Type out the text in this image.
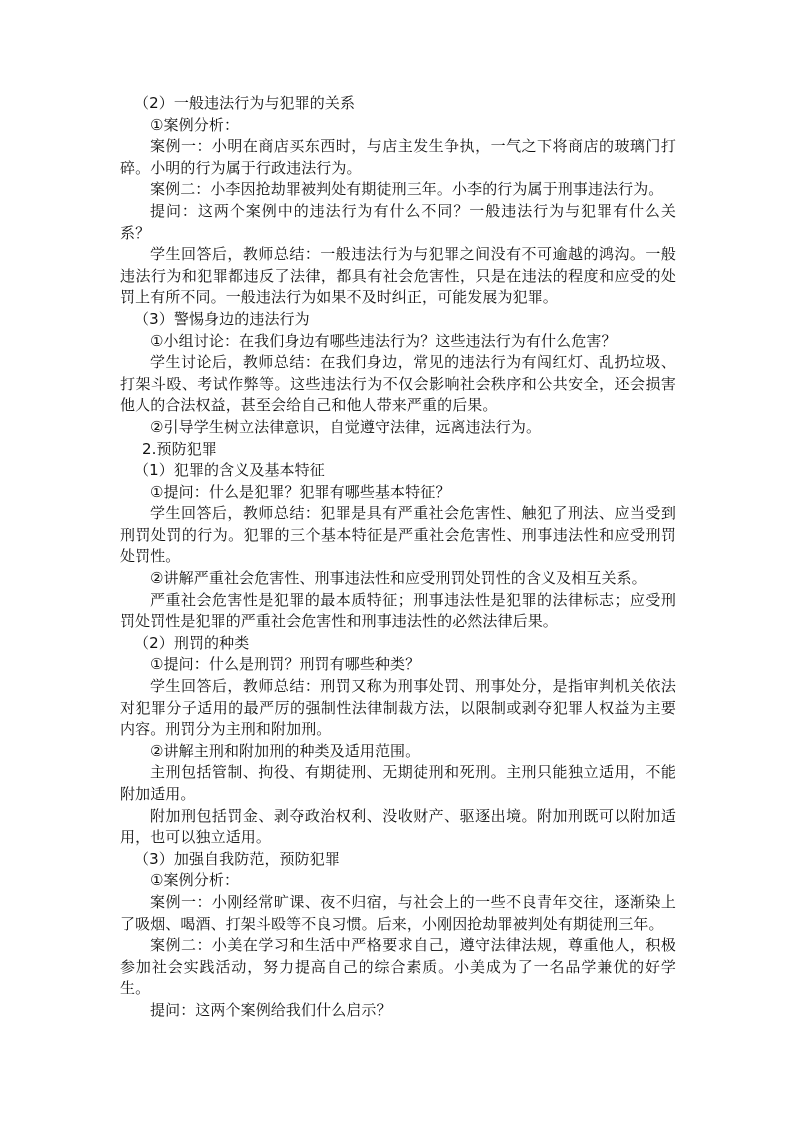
（2）一般违法行为与犯罪的关系

①案例分析：

案例一：小明在商店买东西时，与店主发生争执，一气之下将商店的玻璃门打碎。小明的行为属于行政违法行为。

案例二：小李因抢劫罪被判处有期徒刑三年。小李的行为属于刑事违法行为。

提问：这两个案例中的违法行为有什么不同？一般违法行为与犯罪有什么关系？

学生回答后，教师总结：一般违法行为与犯罪之间没有不可逾越的鸿沟。一般违法行为和犯罪都违反了法律，都具有社会危害性，只是在违法的程度和应受的处罚上有所不同。一般违法行为如果不及时纠正，可能发展为犯罪。

（3）警惕身边的违法行为

①小组讨论：在我们身边有哪些违法行为？这些违法行为有什么危害？

学生讨论后，教师总结：在我们身边，常见的违法行为有闯红灯、乱扔垃圾、打架斗殴、考试作弊等。这些违法行为不仅会影响社会秩序和公共安全，还会损害他人的合法权益，甚至会给自己和他人带来严重的后果。

②引导学生树立法律意识，自觉遵守法律，远离违法行为。

2.预防犯罪

（1）犯罪的含义及基本特征

①提问：什么是犯罪？犯罪有哪些基本特征？

学生回答后，教师总结：犯罪是具有严重社会危害性、触犯了刑法、应当受到刑罚处罚的行为。犯罪的三个基本特征是严重社会危害性、刑事违法性和应受刑罚处罚性。

②讲解严重社会危害性、刑事违法性和应受刑罚处罚性的含义及相互关系。

严重社会危害性是犯罪的最本质特征；刑事违法性是犯罪的法律标志；应受刑罚处罚性是犯罪的严重社会危害性和刑事违法性的必然法律后果。

（2）刑罚的种类

①提问：什么是刑罚？刑罚有哪些种类？

学生回答后，教师总结：刑罚又称为刑事处罚、刑事处分，是指审判机关依法对犯罪分子适用的最严厉的强制性法律制裁方法，以限制或剥夺犯罪人权益为主要内容。刑罚分为主刑和附加刑。

②讲解主刑和附加刑的种类及适用范围。

主刑包括管制、拘役、有期徒刑、无期徒刑和死刑。主刑只能独立适用，不能附加适用。

附加刑包括罚金、剥夺政治权利、没收财产、驱逐出境。附加刑既可以附加适用，也可以独立适用。

（3）加强自我防范，预防犯罪

①案例分析：

案例一：小刚经常旷课、夜不归宿，与社会上的一些不良青年交往，逐渐染上了吸烟、喝酒、打架斗殴等不良习惯。后来，小刚因抢劫罪被判处有期徒刑三年。

案例二：小美在学习和生活中严格要求自己，遵守法律法规，尊重他人，积极参加社会实践活动，努力提高自己的综合素质。小美成为了一名品学兼优的好学生。

提问：这两个案例给我们什么启示？
